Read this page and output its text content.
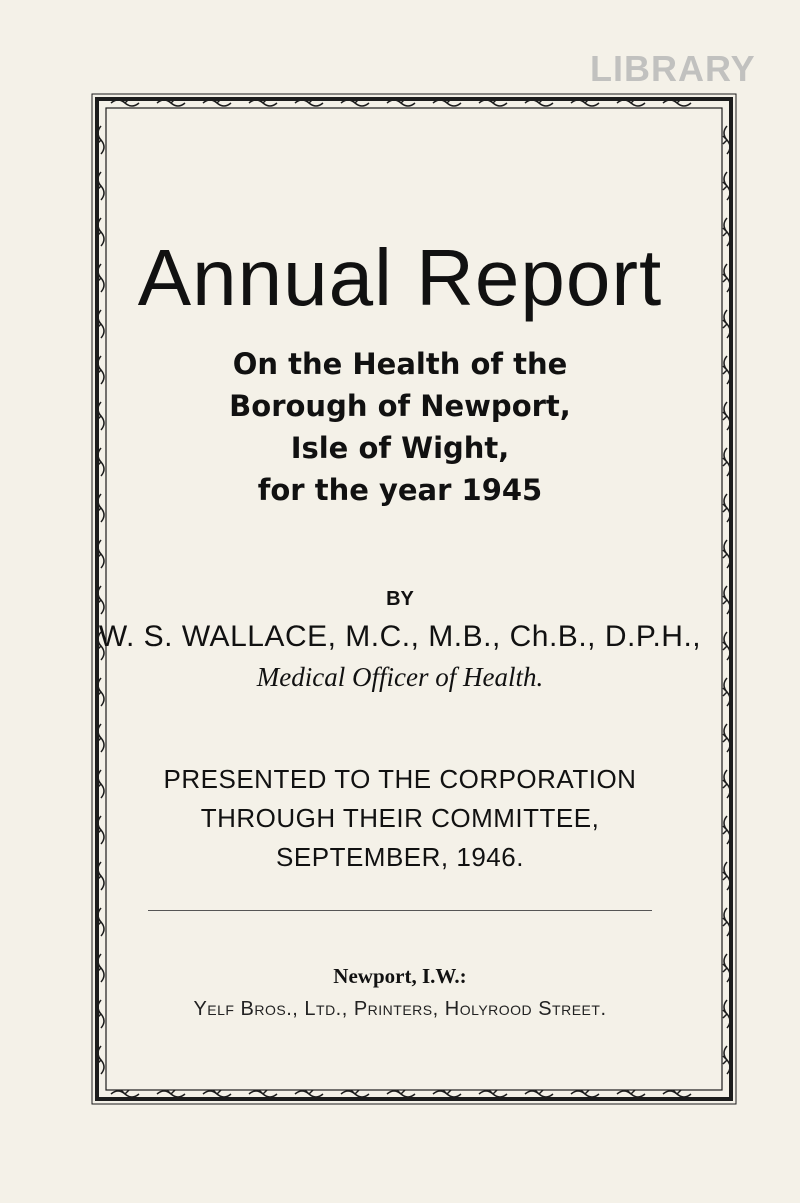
LIBRARY
Annual Report
On the Health of the
Borough of Newport,
Isle of Wight,
for the year 1945
BY
W. S. WALLACE, M.C., M.B., Ch.B., D.P.H.,
Medical Officer of Health.
PRESENTED TO THE CORPORATION
THROUGH THEIR COMMITTEE,
SEPTEMBER, 1946.
Newport, I.W.:
Yelf Bros., Ltd., Printers, Holyrood Street.
